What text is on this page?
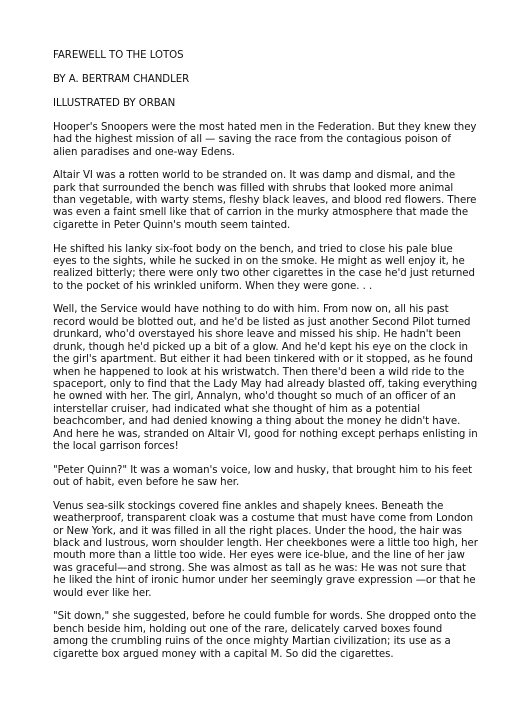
FAREWELL TO THE LOTOS

BY A. BERTRAM CHANDLER

ILLUSTRATED BY ORBAN

Hooper's Snoopers were the most hated men in the Federation. But they knew they had the highest mission of all — saving the race from the contagious poison of alien paradises and one-way Edens.

Altair VI was a rotten world to be stranded on. It was damp and dismal, and the park that surrounded the bench was filled with shrubs that looked more animal than vegetable, with warty stems, fleshy black leaves, and blood red flowers. There was even a faint smell like that of carrion in the murky atmosphere that made the cigarette in Peter Quinn's mouth seem tainted.

He shifted his lanky six-foot body on the bench, and tried to close his pale blue eyes to the sights, while he sucked in on the smoke. He might as well enjoy it, he realized bitterly; there were only two other cigarettes in the case he'd just returned to the pocket of his wrinkled uniform. When they were gone. . .

Well, the Service would have nothing to do with him. From now on, all his past record would be blotted out, and he'd be listed as just another Second Pilot turned drunkard, who'd overstayed his shore leave and missed his ship. He hadn't been drunk, though he'd picked up a bit of a glow. And he'd kept his eye on the clock in the girl's apartment. But either it had been tinkered with or it stopped, as he found when he happened to look at his wristwatch. Then there'd been a wild ride to the spaceport, only to find that the Lady May had already blasted off, taking everything he owned with her. The girl, Annalyn, who'd thought so much of an officer of an interstellar cruiser, had indicated what she thought of him as a potential beachcomber, and had denied knowing a thing about the money he didn't have. And here he was, stranded on Altair VI, good for nothing except perhaps enlisting in the local garrison forces!

"Peter Quinn?" It was a woman's voice, low and husky, that brought him to his feet out of habit, even before he saw her.

Venus sea-silk stockings covered fine ankles and shapely knees. Beneath the weatherproof, transparent cloak was a costume that must have come from London or New York, and it was filled in all the right places. Under the hood, the hair was black and lustrous, worn shoulder length. Her cheekbones were a little too high, her mouth more than a little too wide. Her eyes were ice-blue, and the line of her jaw was graceful—and strong. She was almost as tall as he was: He was not sure that he liked the hint of ironic humor under her seemingly grave expression —or that he would ever like her.

"Sit down," she suggested, before he could fumble for words. She dropped onto the bench beside him, holding out one of the rare, delicately carved boxes found among the crumbling ruins of the once mighty Martian civilization; its use as a cigarette box argued money with a capital M. So did the cigarettes.
